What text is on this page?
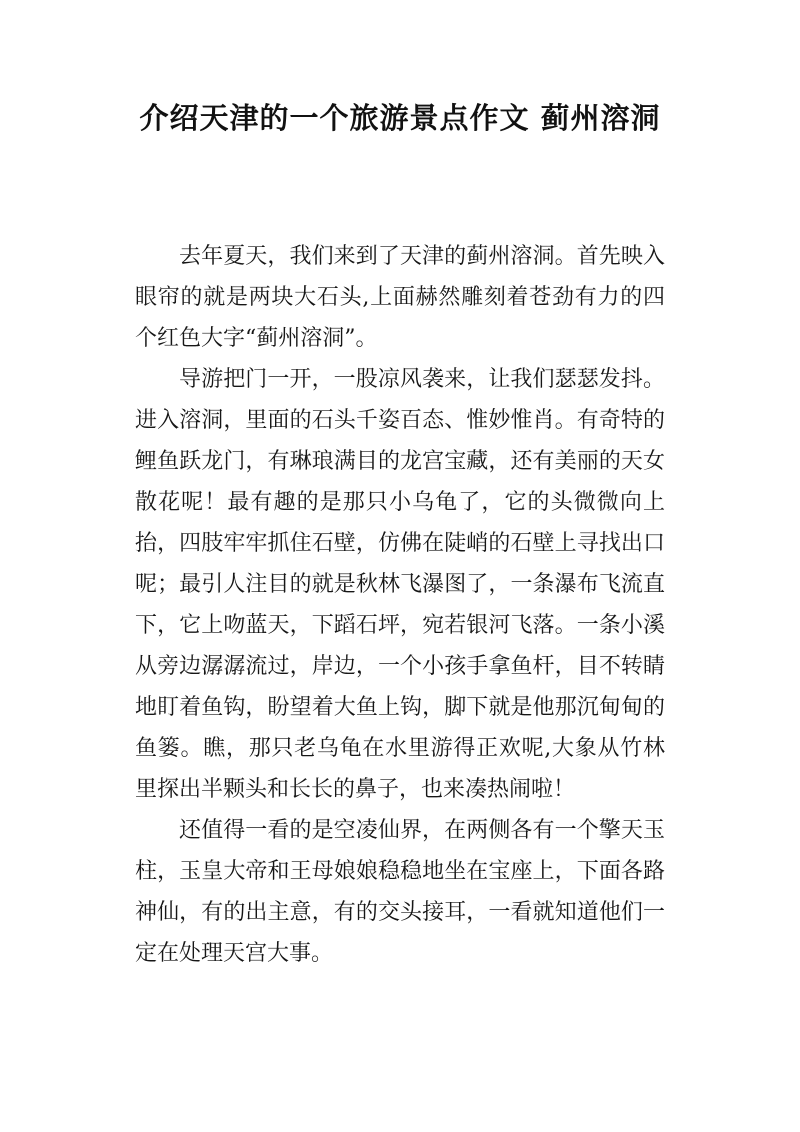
介绍天津的一个旅游景点作文 蓟州溶洞

去年夏天，我们来到了天津的蓟州溶洞。首先映入眼帘的就是两块大石头,上面赫然雕刻着苍劲有力的四个红色大字“蓟州溶洞”。

导游把门一开，一股凉风袭来，让我们瑟瑟发抖。进入溶洞，里面的石头千姿百态、惟妙惟肖。有奇特的鲤鱼跃龙门，有琳琅满目的龙宫宝藏，还有美丽的天女散花呢！最有趣的是那只小乌龟了，它的头微微向上抬，四肢牢牢抓住石壁，仿佛在陡峭的石壁上寻找出口呢；最引人注目的就是秋林飞瀑图了，一条瀑布飞流直下，它上吻蓝天，下蹈石坪，宛若银河飞落。一条小溪从旁边潺潺流过，岸边，一个小孩手拿鱼杆，目不转睛地盯着鱼钩，盼望着大鱼上钩，脚下就是他那沉甸甸的鱼篓。瞧，那只老乌龟在水里游得正欢呢,大象从竹林里探出半颗头和长长的鼻子，也来凑热闹啦！

还值得一看的是空凌仙界，在两侧各有一个擎天玉柱，玉皇大帝和王母娘娘稳稳地坐在宝座上，下面各路神仙，有的出主意，有的交头接耳，一看就知道他们一定在处理天宫大事。
